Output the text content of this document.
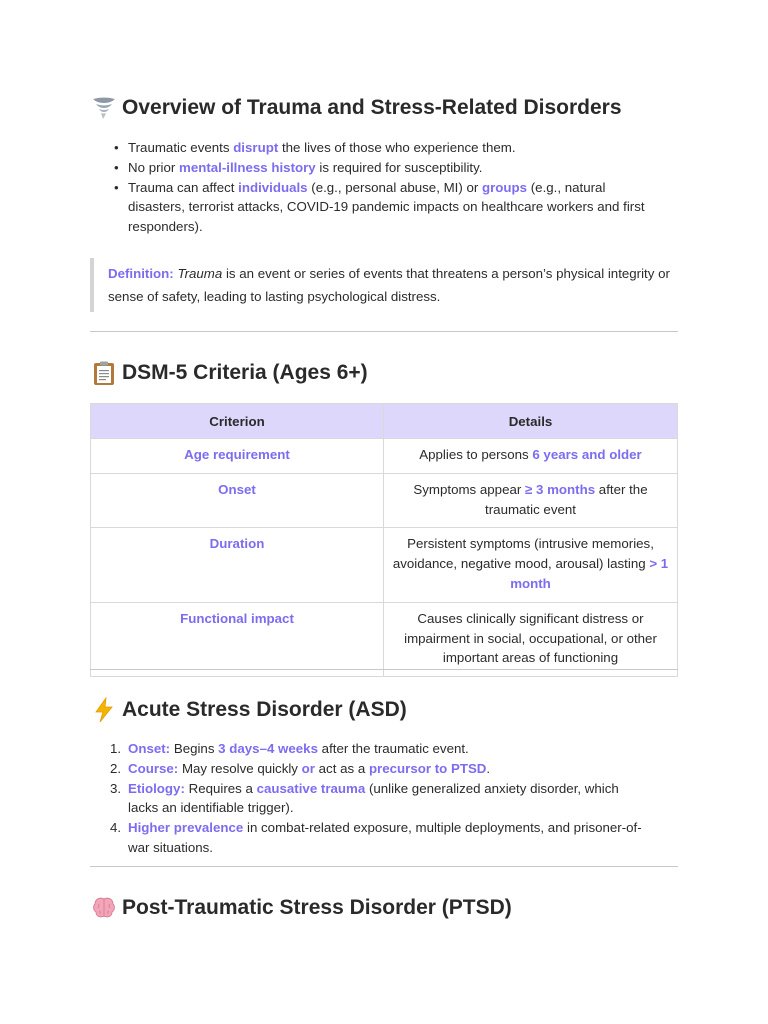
Overview of Trauma and Stress-Related Disorders
• Traumatic events disrupt the lives of those who experience them.
• No prior mental-illness history is required for susceptibility.
• Trauma can affect individuals (e.g., personal abuse, MI) or groups (e.g., natural disasters, terrorist attacks, COVID-19 pandemic impacts on healthcare workers and first responders).
Definition: Trauma is an event or series of events that threatens a person’s physical integrity or sense of safety, leading to lasting psychological distress.
DSM-5 Criteria (Ages 6+)
Criterion	Details
Age requirement	Applies to persons 6 years and older
Onset	Symptoms appear ≥ 3 months after the traumatic event
Duration	Persistent symptoms (intrusive memories, avoidance, negative mood, arousal) lasting > 1 month
Functional impact	Causes clinically significant distress or impairment in social, occupational, or other important areas of functioning
Acute Stress Disorder (ASD)
1. Onset: Begins 3 days–4 weeks after the traumatic event.
2. Course: May resolve quickly or act as a precursor to PTSD.
3. Etiology: Requires a causative trauma (unlike generalized anxiety disorder, which lacks an identifiable trigger).
4. Higher prevalence in combat-related exposure, multiple deployments, and prisoner-of-war situations.
Post-Traumatic Stress Disorder (PTSD)
